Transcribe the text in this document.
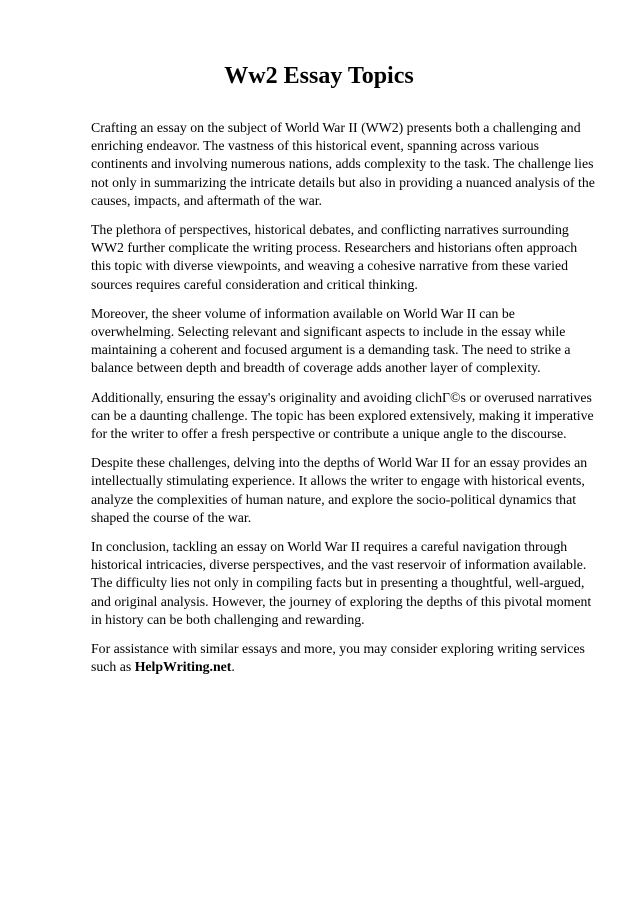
Ww2 Essay Topics

Crafting an essay on the subject of World War II (WW2) presents both a challenging and enriching endeavor. The vastness of this historical event, spanning across various continents and involving numerous nations, adds complexity to the task. The challenge lies not only in summarizing the intricate details but also in providing a nuanced analysis of the causes, impacts, and aftermath of the war.

The plethora of perspectives, historical debates, and conflicting narratives surrounding WW2 further complicate the writing process. Researchers and historians often approach this topic with diverse viewpoints, and weaving a cohesive narrative from these varied sources requires careful consideration and critical thinking.

Moreover, the sheer volume of information available on World War II can be overwhelming. Selecting relevant and significant aspects to include in the essay while maintaining a coherent and focused argument is a demanding task. The need to strike a balance between depth and breadth of coverage adds another layer of complexity.

Additionally, ensuring the essay's originality and avoiding clichΓ©s or overused narratives can be a daunting challenge. The topic has been explored extensively, making it imperative for the writer to offer a fresh perspective or contribute a unique angle to the discourse.

Despite these challenges, delving into the depths of World War II for an essay provides an intellectually stimulating experience. It allows the writer to engage with historical events, analyze the complexities of human nature, and explore the socio-political dynamics that shaped the course of the war.

In conclusion, tackling an essay on World War II requires a careful navigation through historical intricacies, diverse perspectives, and the vast reservoir of information available. The difficulty lies not only in compiling facts but in presenting a thoughtful, well-argued, and original analysis. However, the journey of exploring the depths of this pivotal moment in history can be both challenging and rewarding.

For assistance with similar essays and more, you may consider exploring writing services such as HelpWriting.net.
